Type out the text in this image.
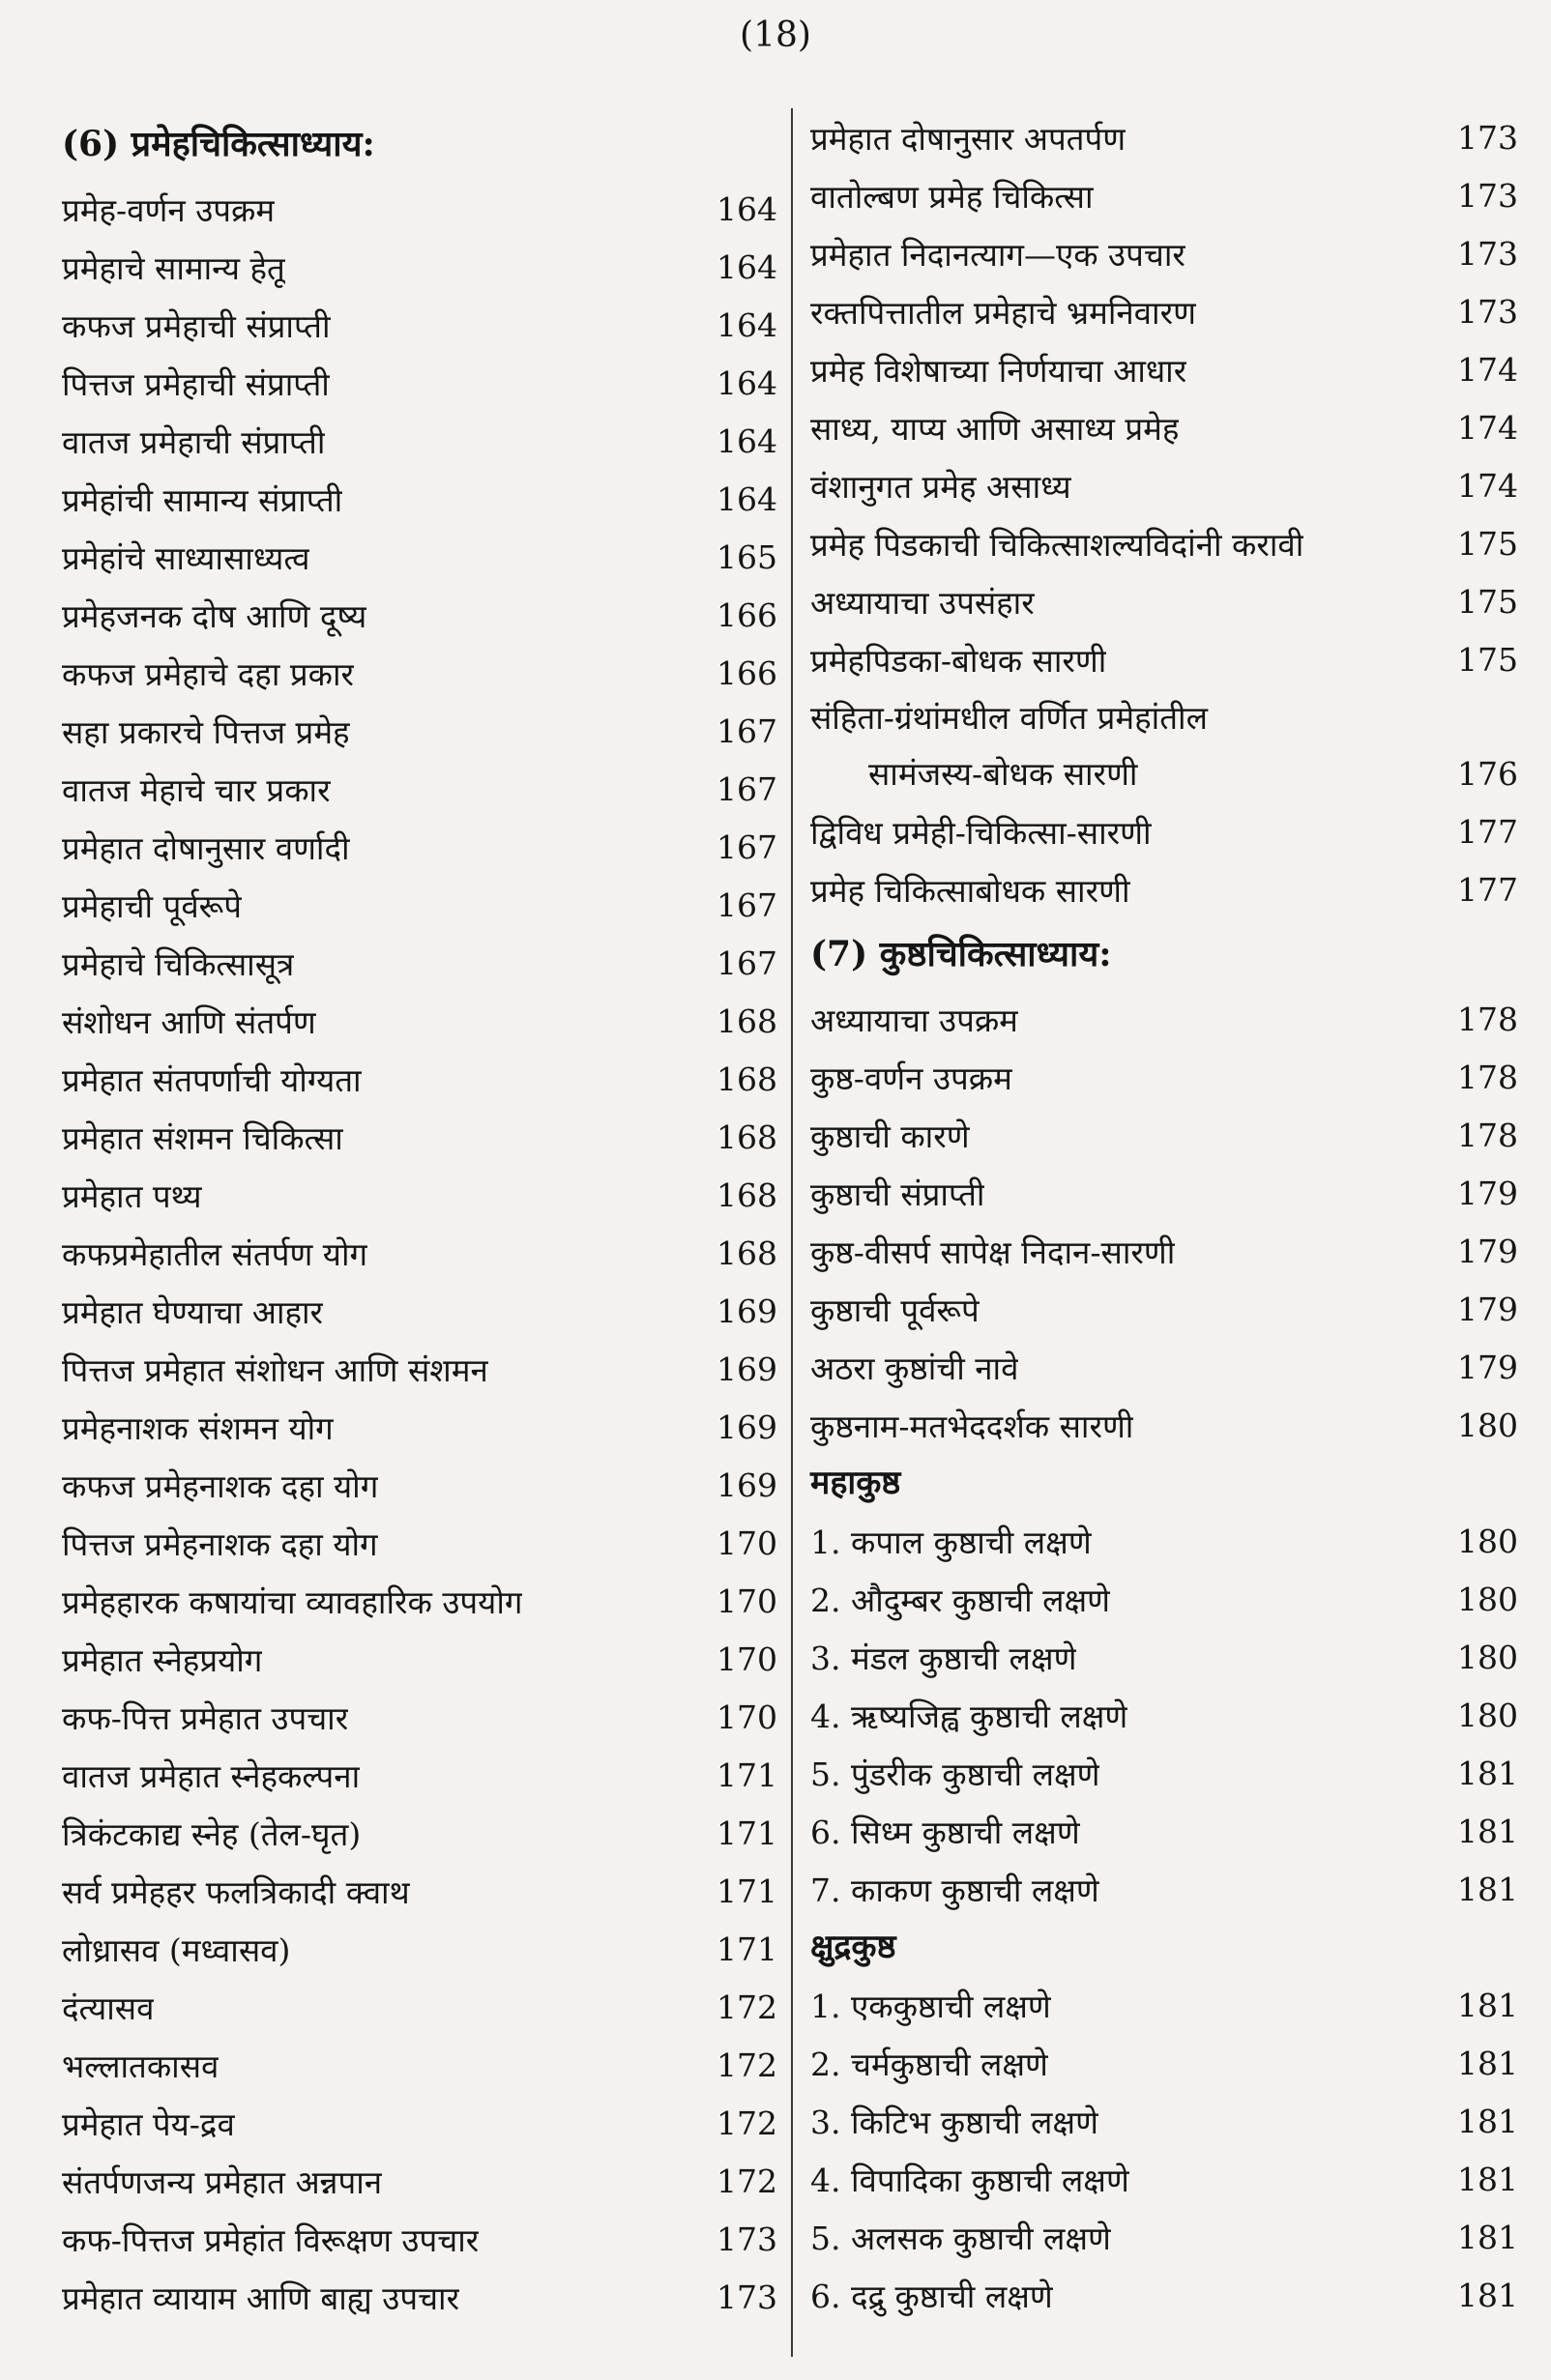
(18)
(6) प्रमेहचिकित्साध्याय:
प्रमेह-वर्णन उपक्रम	164
प्रमेहाचे सामान्य हेतू	164
कफज प्रमेहाची संप्राप्ती	164
पित्तज प्रमेहाची संप्राप्ती	164
वातज प्रमेहाची संप्राप्ती	164
प्रमेहांची सामान्य संप्राप्ती	164
प्रमेहांचे साध्यासाध्यत्व	165
प्रमेहजनक दोष आणि दूष्य	166
कफज प्रमेहाचे दहा प्रकार	166
सहा प्रकारचे पित्तज प्रमेह	167
वातज मेहाचे चार प्रकार	167
प्रमेहात दोषानुसार वर्णादी	167
प्रमेहाची पूर्वरूपे	167
प्रमेहाचे चिकित्सासूत्र	167
संशोधन आणि संतर्पण	168
प्रमेहात संतपर्णाची योग्यता	168
प्रमेहात संशमन चिकित्सा	168
प्रमेहात पथ्य	168
कफप्रमेहातील संतर्पण योग	168
प्रमेहात घेण्याचा आहार	169
पित्तज प्रमेहात संशोधन आणि संशमन	169
प्रमेहनाशक संशमन योग	169
कफज प्रमेहनाशक दहा योग	169
पित्तज प्रमेहनाशक दहा योग	170
प्रमेहहारक कषायांचा व्यावहारिक उपयोग	170
प्रमेहात स्नेहप्रयोग	170
कफ-पित्त प्रमेहात उपचार	170
वातज प्रमेहात स्नेहकल्पना	171
त्रिकंटकाद्य स्नेह (तेल-घृत)	171
सर्व प्रमेहहर फलत्रिकादी क्वाथ	171
लोध्रासव (मध्वासव)	171
दंत्यासव	172
भल्लातकासव	172
प्रमेहात पेय-द्रव	172
संतर्पणजन्य प्रमेहात अन्नपान	172
कफ-पित्तज प्रमेहांत विरूक्षण उपचार	173
प्रमेहात व्यायाम आणि बाह्य उपचार	173
प्रमेहात दोषानुसार अपतर्पण	173
वातोल्बण प्रमेह चिकित्सा	173
प्रमेहात निदानत्याग—एक उपचार	173
रक्तपित्तातील प्रमेहाचे भ्रमनिवारण	173
प्रमेह विशेषाच्या निर्णयाचा आधार	174
साध्य, याप्य आणि असाध्य प्रमेह	174
वंशानुगत प्रमेह असाध्य	174
प्रमेह पिडकाची चिकित्साशल्यविदांनी करावी	175
अध्यायाचा उपसंहार	175
प्रमेहपिडका-बोधक सारणी	175
संहिता-ग्रंथांमधील वर्णित प्रमेहांतील
सामंजस्य-बोधक सारणी	176
द्विविध प्रमेही-चिकित्सा-सारणी	177
प्रमेह चिकित्साबोधक सारणी	177
(7) कुष्ठचिकित्साध्याय:
अध्यायाचा उपक्रम	178
कुष्ठ-वर्णन उपक्रम	178
कुष्ठाची कारणे	178
कुष्ठाची संप्राप्ती	179
कुष्ठ-वीसर्प सापेक्ष निदान-सारणी	179
कुष्ठाची पूर्वरूपे	179
अठरा कुष्ठांची नावे	179
कुष्ठनाम-मतभेददर्शक सारणी	180
महाकुष्ठ
1. कपाल कुष्ठाची लक्षणे	180
2. औदुम्बर कुष्ठाची लक्षणे	180
3. मंडल कुष्ठाची लक्षणे	180
4. ऋष्यजिह्व कुष्ठाची लक्षणे	180
5. पुंडरीक कुष्ठाची लक्षणे	181
6. सिध्म कुष्ठाची लक्षणे	181
7. काकण कुष्ठाची लक्षणे	181
क्षुद्रकुष्ठ
1. एककुष्ठाची लक्षणे	181
2. चर्मकुष्ठाची लक्षणे	181
3. किटिभ कुष्ठाची लक्षणे	181
4. विपादिका कुष्ठाची लक्षणे	181
5. अलसक कुष्ठाची लक्षणे	181
6. दद्रु कुष्ठाची लक्षणे	181
